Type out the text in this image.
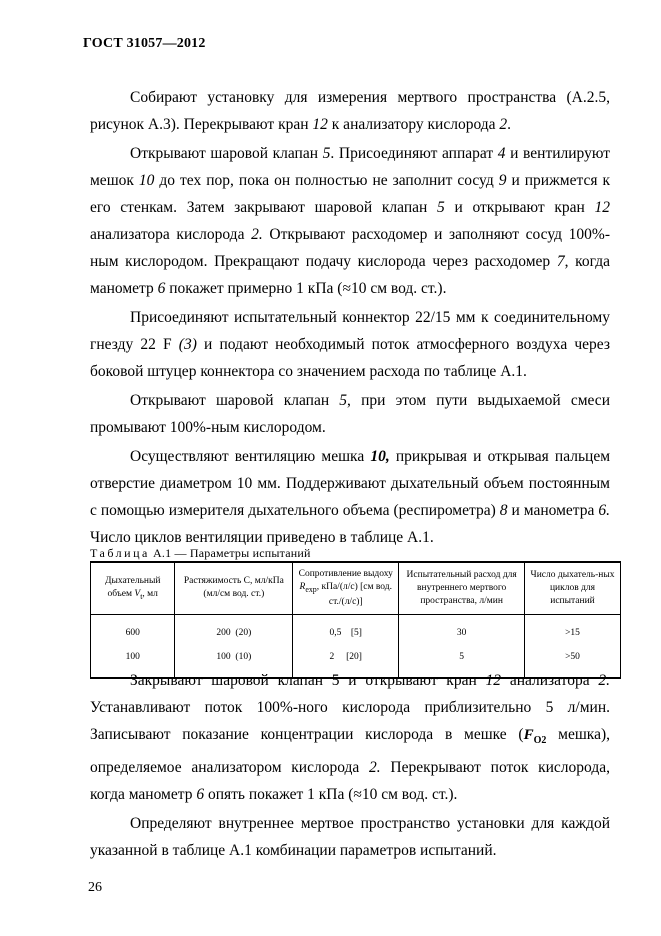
ГОСТ 31057—2012

Собирают установку для измерения мертвого пространства (А.2.5, рисунок А.3). Перекрывают кран 12 к анализатору кислорода 2.

Открывают шаровой клапан 5. Присоединяют аппарат 4 и вентилируют мешок 10 до тех пор, пока он полностью не заполнит сосуд 9 и прижмется к его стенкам. Затем закрывают шаровой клапан 5 и открывают кран 12 анализатора кислорода 2. Открывают расходомер и заполняют сосуд 100%-ным кислородом. Прекращают подачу кислорода через расходомер 7, когда манометр 6 покажет примерно 1 кПа (≈10 см вод. ст.).

Присоединяют испытательный коннектор 22/15 мм к соединительному гнезду 22 F (3) и подают необходимый поток атмосферного воздуха через боковой штуцер коннектора со значением расхода по таблице А.1.

Открывают шаровой клапан 5, при этом пути выдыхаемой смеси промывают 100%-ным кислородом.

Осуществляют вентиляцию мешка 10, прикрывая и открывая пальцем отверстие диаметром 10 мм. Поддерживают дыхательный объем постоянным с помощью измерителя дыхательного объема (респирометра) 8 и манометра 6. Число циклов вентиляции приведено в таблице А.1.

Таблица А.1 — Параметры испытаний
Дыхательный объем $V_t$, мл	Растяжимость C, мл/кПа (мл/см вод. ст.)	Сопротивление выдоху $R_{exp}$, кПа/(л/с) [см вод. ст./(л/с)]	Испытательный расход для внутреннего мертвого пространства, л/мин	Число дыхатель-ных циклов для испытаний
600	200  (20)	0,5    [5]	30	>15
100	100  (10)	2     [20]	5	>50

Закрывают шаровой клапан 5 и открывают кран 12 анализатора 2. Устанавливают поток 100%-ного кислорода приблизительно 5 л/мин. Записывают показание концентрации кислорода в мешке ($F_{O2}$ мешка), определяемое анализатором кислорода 2. Перекрывают поток кислорода, когда манометр 6 опять покажет 1 кПа (≈10 см вод. ст.).

Определяют внутреннее мертвое пространство установки для каждой указанной в таблице А.1 комбинации параметров испытаний.

26
